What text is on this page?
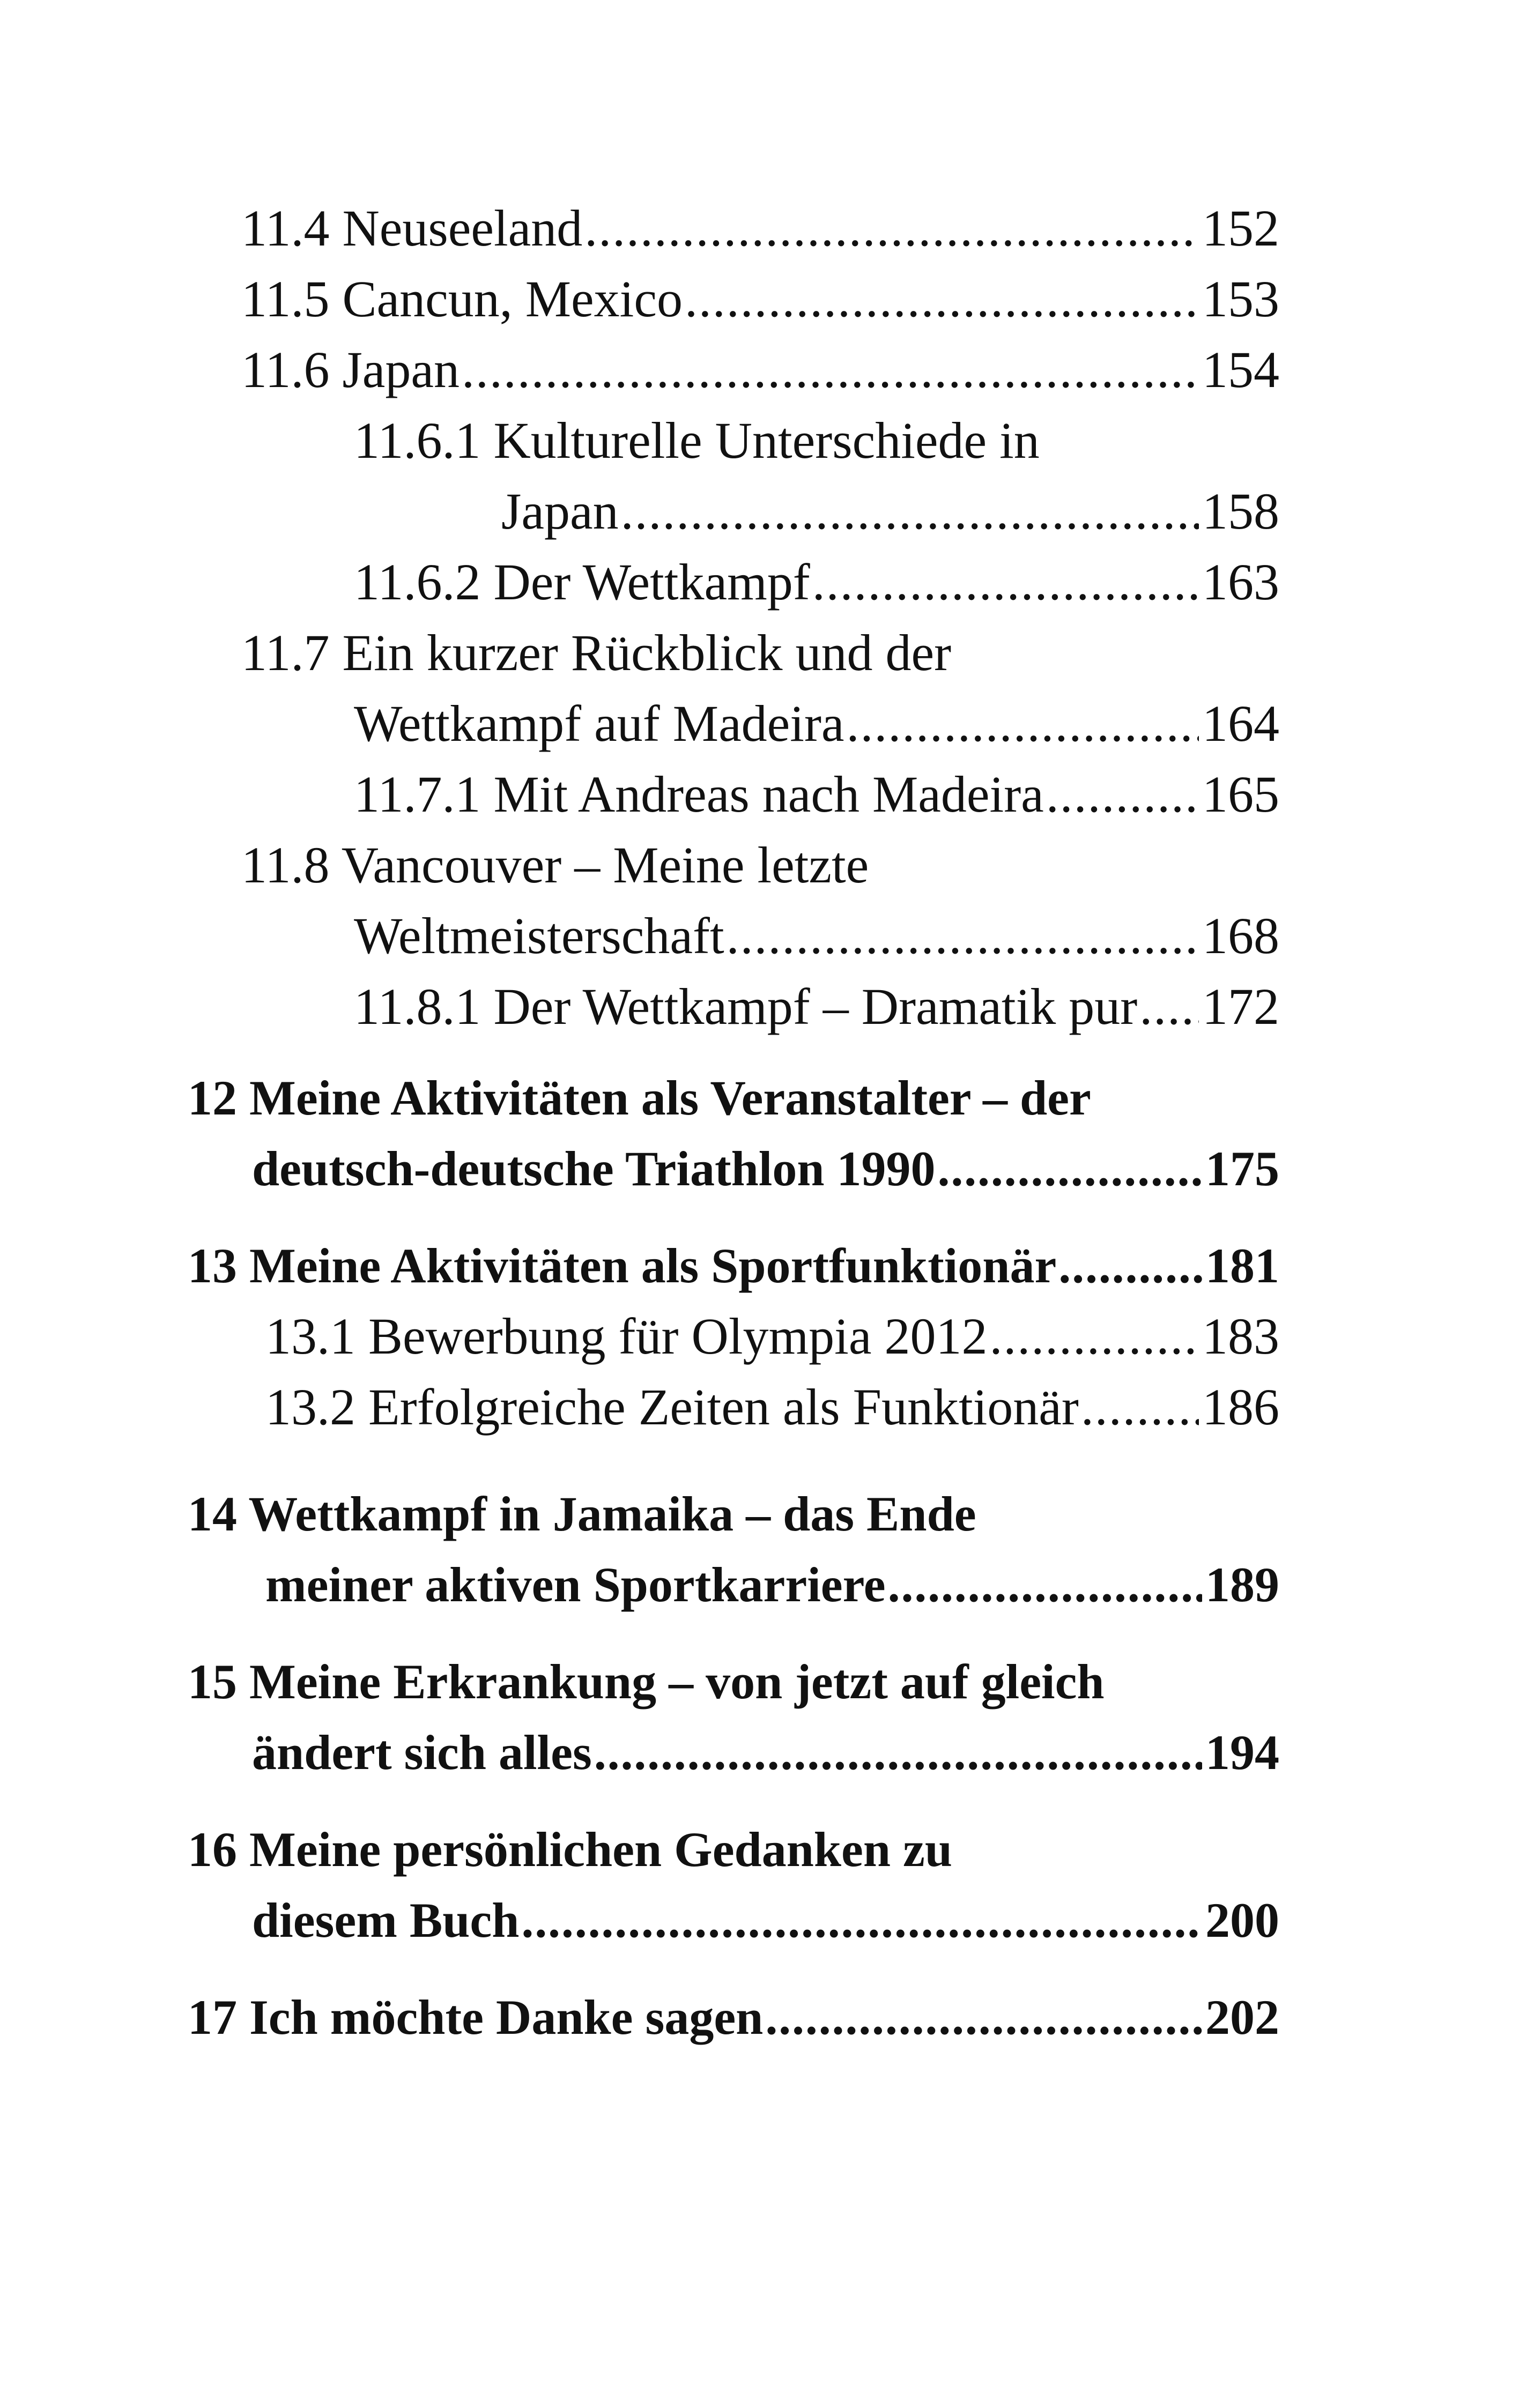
11.4 Neuseeland .....	152
11.5 Cancun, Mexico .....	153
11.6 Japan .....	154
11.6.1 Kulturelle Unterschiede in
Japan .....	158
11.6.2 Der Wettkampf .....	163
11.7 Ein kurzer Rückblick und der
Wettkampf auf Madeira .....	164
11.7.1 Mit Andreas nach Madeira .....	165
11.8 Vancouver – Meine letzte
Weltmeisterschaft .....	168
11.8.1 Der Wettkampf – Dramatik pur ..... 172
12 Meine Aktivitäten als Veranstalter – der
deutsch-deutsche Triathlon 1990 .....	175
13 Meine Aktivitäten als Sportfunktionär .....	181
13.1 Bewerbung für Olympia 2012 .....	183
13.2 Erfolgreiche Zeiten als Funktionär ..... 186
14 Wettkampf in Jamaika – das Ende
meiner aktiven Sportkarriere .....	189
15 Meine Erkrankung – von jetzt auf gleich
ändert sich alles .....	194
16 Meine persönlichen Gedanken zu
diesem Buch .....	200
17 Ich möchte Danke sagen .....	202
